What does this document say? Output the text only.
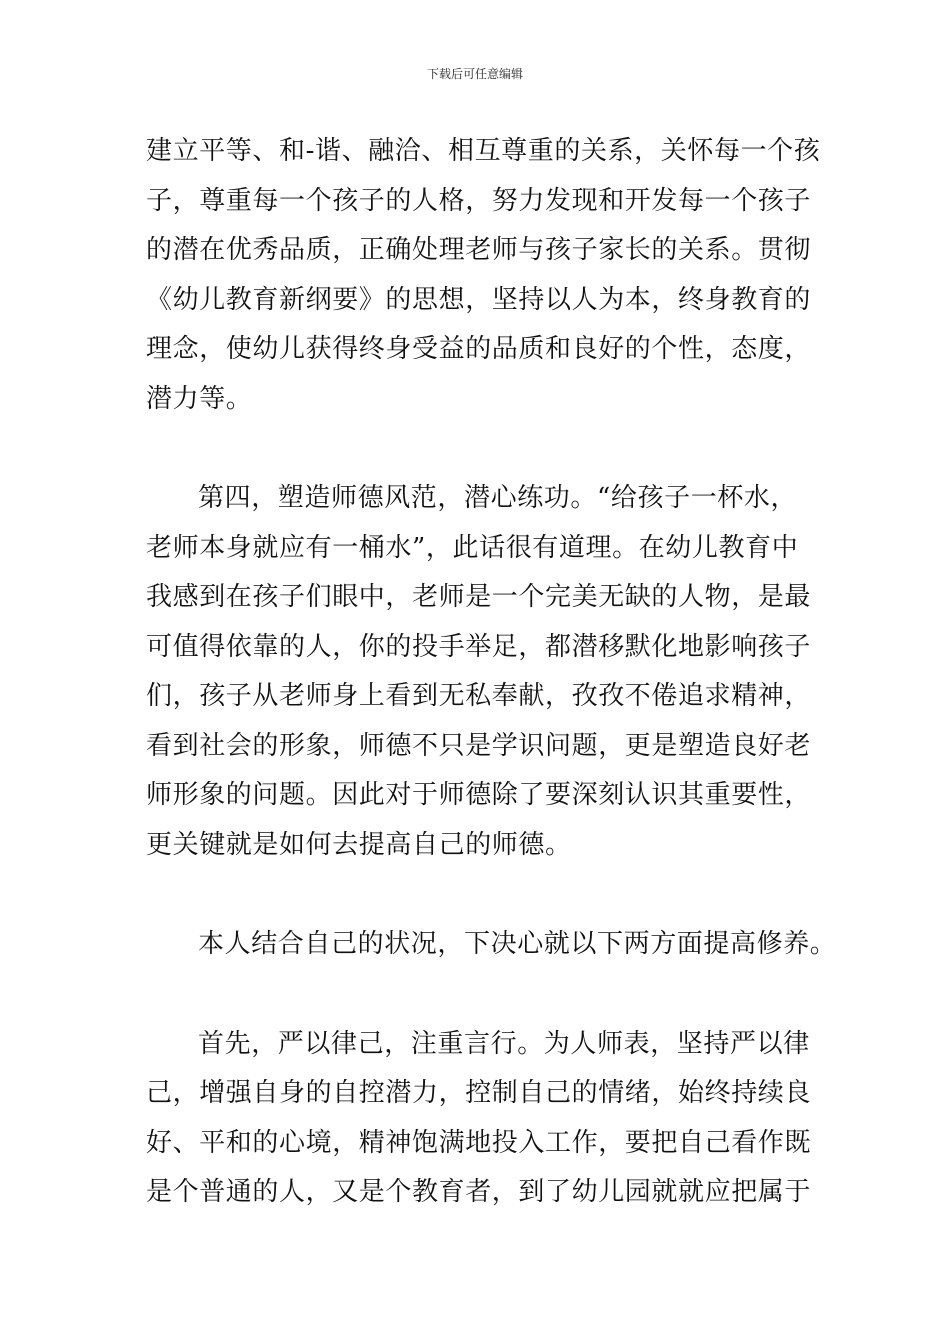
下载后可任意编辑

建立平等、和-谐、融洽、相互尊重的关系，关怀每一个孩
子，尊重每一个孩子的人格，努力发现和开发每一个孩子
的潜在优秀品质，正确处理老师与孩子家长的关系。贯彻
《幼儿教育新纲要》的思想，坚持以人为本，终身教育的
理念，使幼儿获得终身受益的品质和良好的个性，态度，
潜力等。

第四，塑造师德风范，潜心练功。“给孩子一杯水，
老师本身就应有一桶水”，此话很有道理。在幼儿教育中
我感到在孩子们眼中，老师是一个完美无缺的人物，是最
可值得依靠的人，你的投手举足，都潜移默化地影响孩子
们，孩子从老师身上看到无私奉献，孜孜不倦追求精神，
看到社会的形象，师德不只是学识问题，更是塑造良好老
师形象的问题。因此对于师德除了要深刻认识其重要性，
更关键就是如何去提高自己的师德。

本人结合自己的状况，下决心就以下两方面提高修养。

首先，严以律己，注重言行。为人师表，坚持严以律
己，增强自身的自控潜力，控制自己的情绪，始终持续良
好、平和的心境，精神饱满地投入工作，要把自己看作既
是个普通的人，又是个教育者，到了幼儿园就就应把属于
